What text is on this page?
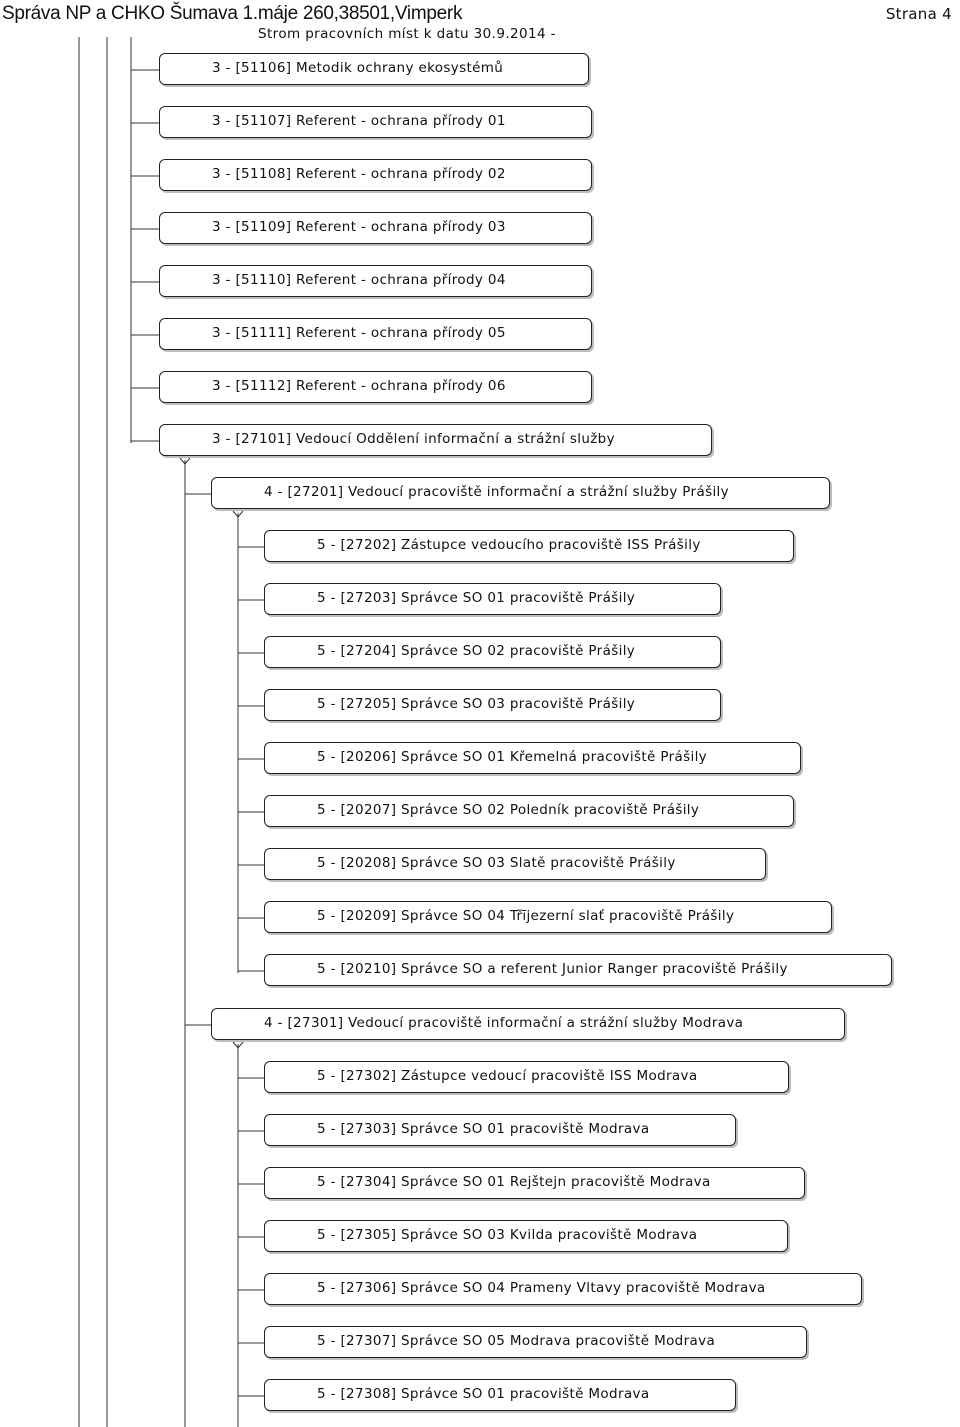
Správa NP a CHKO Šumava 1.máje 260,38501,Vimperk
Strom pracovních míst k datu 30.9.2014 -
Strana 4
3 - [51106] Metodik ochrany ekosystémů
3 - [51107] Referent - ochrana přírody 01
3 - [51108] Referent - ochrana přírody 02
3 - [51109] Referent - ochrana přírody 03
3 - [51110] Referent - ochrana přírody 04
3 - [51111] Referent - ochrana přírody 05
3 - [51112] Referent - ochrana přírody 06
3 - [27101] Vedoucí Oddělení informační a strážní služby
4 - [27201] Vedoucí pracoviště informační a strážní služby Prášily
5 - [27202] Zástupce vedoucího pracoviště ISS Prášily
5 - [27203] Správce SO 01 pracoviště Prášily
5 - [27204] Správce SO 02 pracoviště Prášily
5 - [27205] Správce SO 03 pracoviště Prášily
5 - [20206] Správce SO 01 Křemelná pracoviště Prášily
5 - [20207] Správce SO 02 Poledník pracoviště Prášily
5 - [20208] Správce SO 03 Slatě pracoviště Prášily
5 - [20209] Správce SO 04 Třījezerní slať pracoviště Prášily
5 - [20210] Správce SO a referent Junior Ranger pracoviště Prášily
4 - [27301] Vedoucí pracoviště informační a strážní služby Modrava
5 - [27302] Zástupce vedoucí pracoviště ISS Modrava
5 - [27303] Správce SO 01 pracoviště Modrava
5 - [27304] Správce SO 01 Rejštejn pracoviště Modrava
5 - [27305] Správce SO 03 Kvilda pracoviště Modrava
5 - [27306] Správce SO 04 Prameny Vltavy pracoviště Modrava
5 - [27307] Správce SO 05 Modrava pracoviště Modrava
5 - [27308] Správce SO 01 pracoviště Modrava
